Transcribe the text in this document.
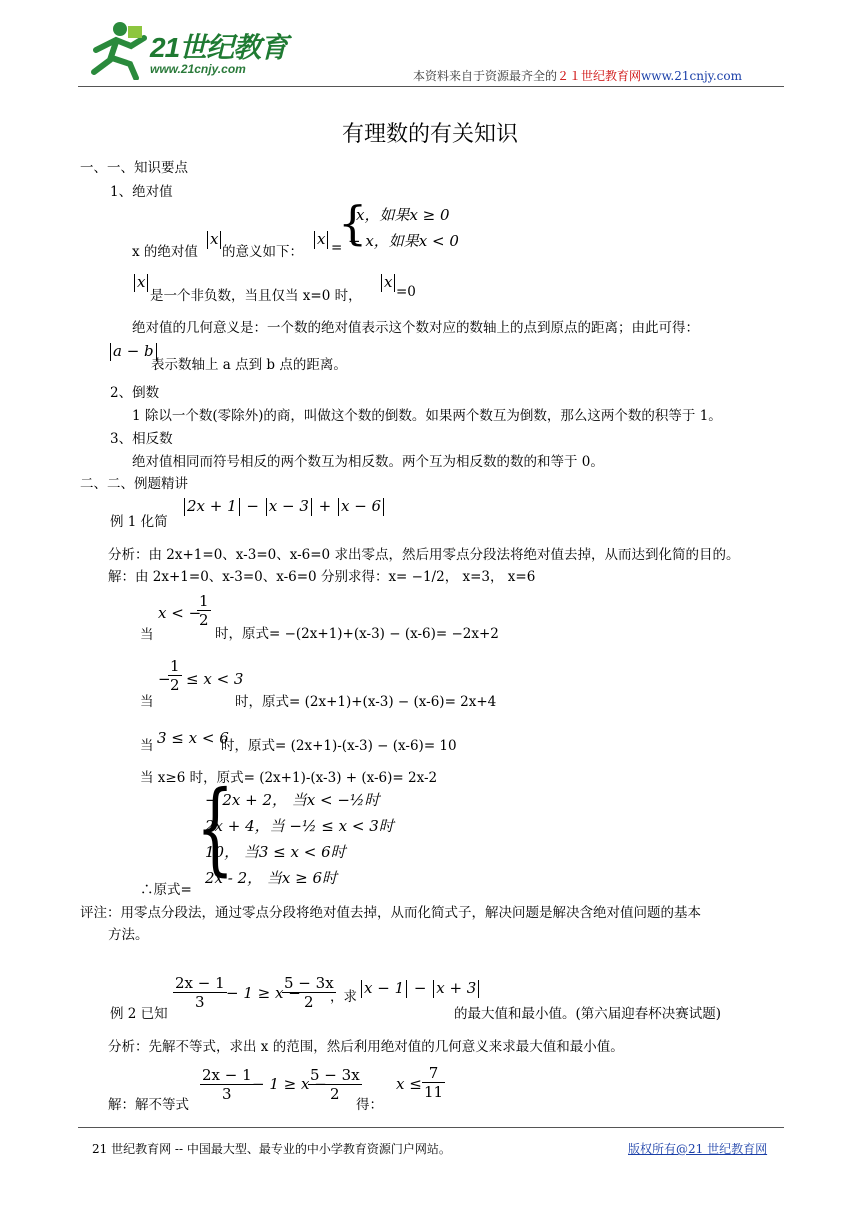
21世纪教育
www.21cnjy.com	本资料来自于资源最齐全的２１世纪教育网www.21cnjy.com
有理数的有关知识
一、一、知识要点
1、绝对值
x 的绝对值
x
的意义如下：
x =
{
x，如果x ≥ 0
− x，如果x < 0
x
是一个非负数，当且仅当 x=0 时，
x
=0
绝对值的几何意义是：一个数的绝对值表示这个数对应的数轴上的点到原点的距离；由此可得：
a − b
表示数轴上 a 点到 b 点的距离。
2、倒数
1 除以一个数(零除外)的商，叫做这个数的倒数。如果两个数互为倒数，那么这两个数的积等于 1。
3、相反数
绝对值相同而符号相反的两个数互为相反数。两个互为相反数的数的和等于 0。
二、二、例题精讲
例 1 化简
2x + 1 − x − 3 + x − 6
分析：由 2x+1=0、x-3=0、x-6=0 求出零点，然后用零点分段法将绝对值去掉，从而达到化简的目的。
解：由 2x+1=0、x-3=0、x-6=0 分别求得：x= −1/2， x=3， x=6
当
x < −
$\frac{1}{2}$
时，原式= −(2x+1)+(x-3) − (x-6)= −2x+2
当
−
$\frac{1}{2} \le x < 3$
时，原式= (2x+1)+(x-3) − (x-6)= 2x+4
当 3 ≤ x < 6
时，原式= (2x+1)-(x-3) − (x-6)= 10
当 x≥6 时，原式= (2x+1)-(x-3) + (x-6)= 2x-2
{
− 2x + 2， 当x < −½时
2x + 4，当 −½ ≤ x < 3时
10， 当3 ≤ x < 6时
2x - 2， 当x ≥ 6时
∴原式=
评注：用零点分段法，通过零点分段将绝对值去掉，从而化简式子，解决问题是解决含绝对值问题的基本
方法。
例 2 已知
$\frac{2x - 1}{3} - 1 \ge x$ −
$\frac{5 - 3x}{2}$
，求 x − 1 − x + 3
的最大值和最小值。(第六届迎春杯决赛试题)
分析：先解不等式，求出 x 的范围，然后利用绝对值的几何意义来求最大值和最小值。
解：解不等式
$\frac{2x - 1}{3}$
− 1 ≥ x −
$\frac{5 - 3x}{2}$
得：
$x \le \frac{7}{11}$
21 世纪教育网 -- 中国最大型、最专业的中小学教育资源门户网站。	版权所有@21 世纪教育网
